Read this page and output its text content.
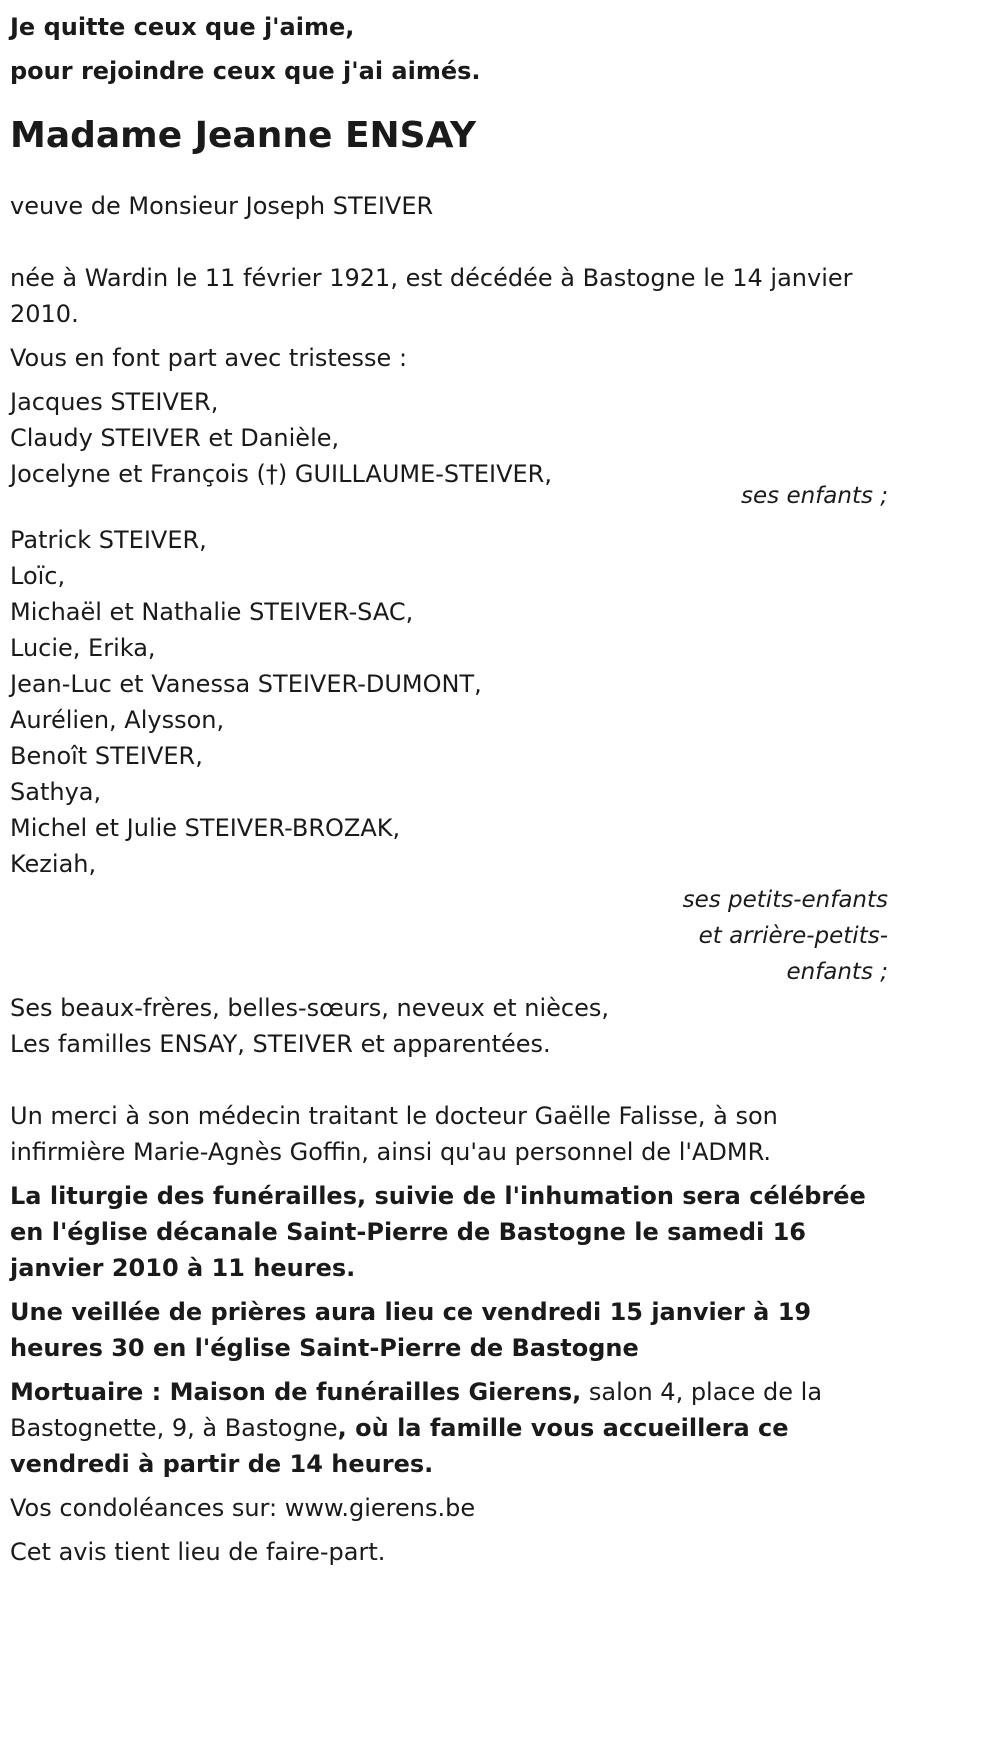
Je quitte ceux que j'aime,

pour rejoindre ceux que j'ai aimés.

Madame Jeanne ENSAY

veuve de Monsieur Joseph STEIVER

née à Wardin le 11 février 1921, est décédée à Bastogne le 14 janvier 2010.

Vous en font part avec tristesse :

Jacques STEIVER,
Claudy STEIVER et Danièle,
Jocelyne et François (†) GUILLAUME-STEIVER,
ses enfants ;
Patrick STEIVER,
Loïc,
Michaël et Nathalie STEIVER-SAC,
Lucie, Erika,
Jean-Luc et Vanessa STEIVER-DUMONT,
Aurélien, Alysson,
Benoît STEIVER,
Sathya,
Michel et Julie STEIVER-BROZAK,
Keziah,
ses petits-enfants
et arrière-petits-
enfants ;
Ses beaux-frères, belles-sœurs, neveux et nièces,
Les familles ENSAY, STEIVER et apparentées.

Un merci à son médecin traitant le docteur Gaëlle Falisse, à son infirmière Marie-Agnès Goffin, ainsi qu'au personnel de l'ADMR.

La liturgie des funérailles, suivie de l'inhumation sera célébrée en l'église décanale Saint-Pierre de Bastogne le samedi 16 janvier 2010 à 11 heures.

Une veillée de prières aura lieu ce vendredi 15 janvier à 19 heures 30 en l'église Saint-Pierre de Bastogne

Mortuaire : Maison de funérailles Gierens, salon 4, place de la Bastognette, 9, à Bastogne, où la famille vous accueillera ce vendredi à partir de 14 heures.

Vos condoléances sur: www.gierens.be

Cet avis tient lieu de faire-part.
